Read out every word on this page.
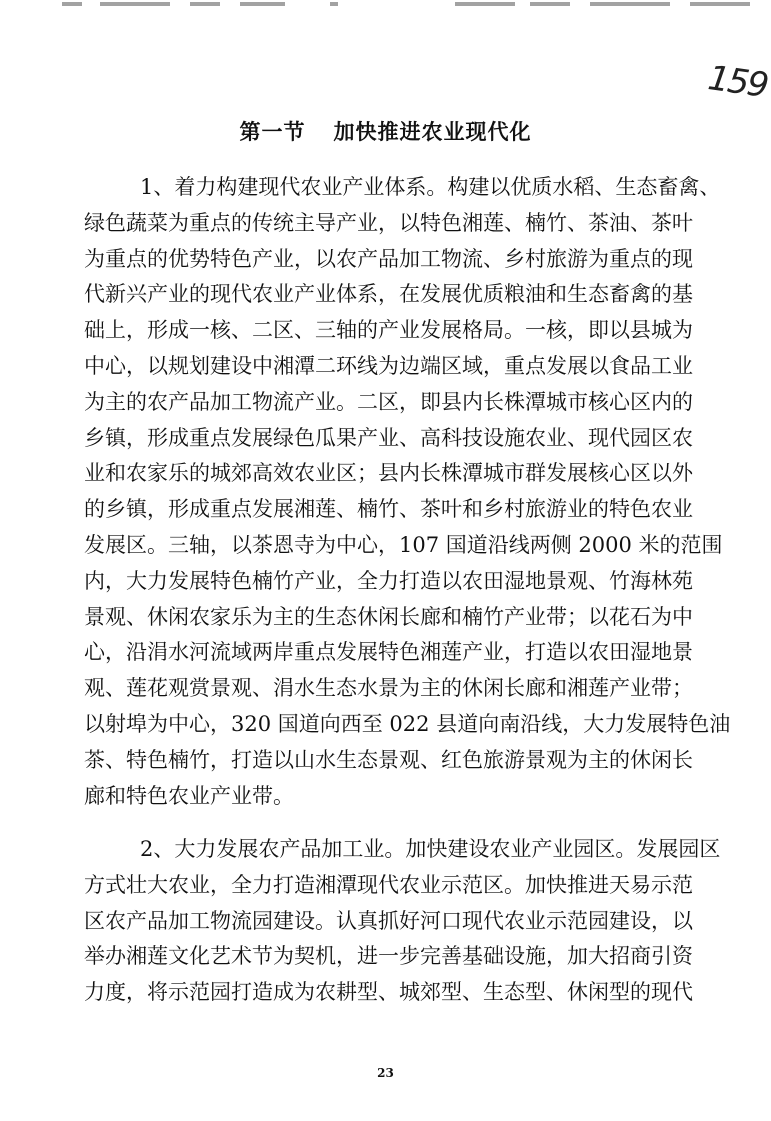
159
第一节 加快推进农业现代化
1、着力构建现代农业产业体系。构建以优质水稻、生态畜禽、
绿色蔬菜为重点的传统主导产业，以特色湘莲、楠竹、茶油、茶叶
为重点的优势特色产业，以农产品加工物流、乡村旅游为重点的现
代新兴产业的现代农业产业体系，在发展优质粮油和生态畜禽的基
础上，形成一核、二区、三轴的产业发展格局。一核，即以县城为
中心，以规划建设中湘潭二环线为边端区域，重点发展以食品工业
为主的农产品加工物流产业。二区，即县内长株潭城市核心区内的
乡镇，形成重点发展绿色瓜果产业、高科技设施农业、现代园区农
业和农家乐的城郊高效农业区；县内长株潭城市群发展核心区以外
的乡镇，形成重点发展湘莲、楠竹、茶叶和乡村旅游业的特色农业
发展区。三轴，以茶恩寺为中心，107 国道沿线两侧 2000 米的范围
内，大力发展特色楠竹产业，全力打造以农田湿地景观、竹海林苑
景观、休闲农家乐为主的生态休闲长廊和楠竹产业带；以花石为中
心，沿涓水河流域两岸重点发展特色湘莲产业，打造以农田湿地景
观、莲花观赏景观、涓水生态水景为主的休闲长廊和湘莲产业带；
以射埠为中心，320 国道向西至 022 县道向南沿线，大力发展特色油
茶、特色楠竹，打造以山水生态景观、红色旅游景观为主的休闲长
廊和特色农业产业带。
2、大力发展农产品加工业。加快建设农业产业园区。发展园区
方式壮大农业，全力打造湘潭现代农业示范区。加快推进天易示范
区农产品加工物流园建设。认真抓好河口现代农业示范园建设，以
举办湘莲文化艺术节为契机，进一步完善基础设施，加大招商引资
力度，将示范园打造成为农耕型、城郊型、生态型、休闲型的现代
23
